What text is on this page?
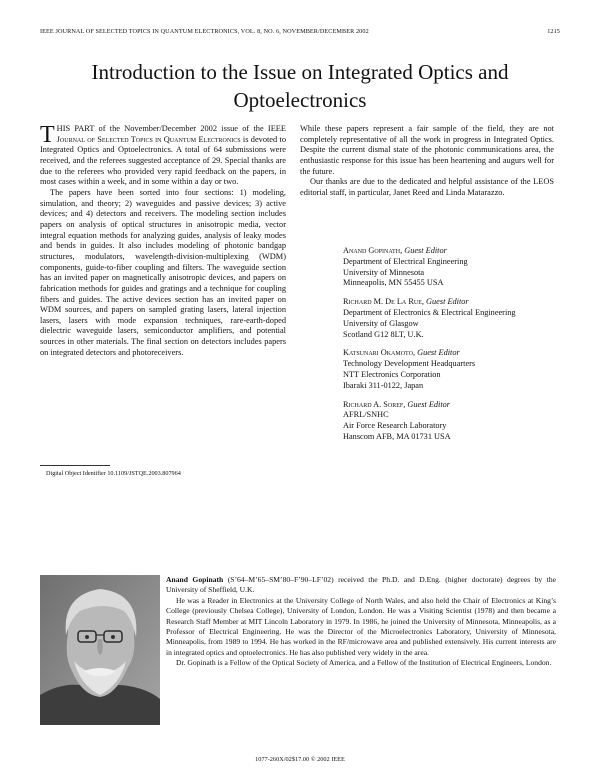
IEEE JOURNAL OF SELECTED TOPICS IN QUANTUM ELECTRONICS, VOL. 8, NO. 6, NOVEMBER/DECEMBER 2002	1215
Introduction to the Issue on Integrated Optics and
Optoelectronics

THIS PART of the November/December 2002 issue of the IEEE Journal of Selected Topics in Quantum Electronics is devoted to Integrated Optics and Optoelectronics. A total of 64 submissions were received, and the referees suggested acceptance of 29. Special thanks are due to the referees who provided very rapid feedback on the papers, in most cases within a week, and in some within a day or two.

The papers have been sorted into four sections: 1) modeling, simulation, and theory; 2) waveguides and passive devices; 3) active devices; and 4) detectors and receivers. The modeling section includes papers on analysis of optical structures in anisotropic media, vector integral equation methods for analyzing guides, analysis of leaky modes and bends in guides. It also includes modeling of photonic bandgap structures, modulators, wavelength-division-multiplexing (WDM) components, guide-to-fiber coupling and filters. The waveguide section has an invited paper on magnetically anisotropic devices, and papers on fabrication methods for guides and gratings and a technique for coupling fibers and guides. The active devices section has an invited paper on WDM sources, and papers on sampled grating lasers, lateral injection lasers, lasers with mode expansion techniques, rare-earth-doped dielectric waveguide lasers, semiconductor amplifiers, and potential sources in other materials. The final section on detectors includes papers on integrated detectors and photoreceivers.

While these papers represent a fair sample of the field, they are not completely representative of all the work in progress in Integrated Optics. Despite the current dismal state of the photonic communications area, the enthusiastic response for this issue has been heartening and augurs well for the future.

Our thanks are due to the dedicated and helpful assistance of the LEOS editorial staff, in particular, Janet Reed and Linda Matarazzo.

Anand Gopinath, Guest Editor
Department of Electrical Engineering
University of Minnesota
Minneapolis, MN 55455 USA
Richard M. De La Rue, Guest Editor
Department of Electronics & Electrical Engineering
University of Glasgow
Scotland G12 8LT, U.K.
Katsunari Okamoto, Guest Editor
Technology Development Headquarters
NTT Electronics Corporation
Ibaraki 311-0122, Japan
Richard A. Soref, Guest Editor
AFRL/SNHC
Air Force Research Laboratory
Hanscom AFB, MA 01731 USA
Digital Object Identifier 10.1109/JSTQE.2003.807964

Anand Gopinath (S’64–M’65–SM’80–F’90–LF’02) received the Ph.D. and D.Eng. (higher doctorate) degrees by the University of Sheffield, U.K.

He was a Reader in Electronics at the University College of North Wales, and also held the Chair of Electronics at King’s College (previously Chelsea College), University of London, London. He was a Visiting Scientist (1978) and then became a Research Staff Member at MIT Lincoln Laboratory in 1979. In 1986, he joined the University of Minnesota, Minneapolis, as a Professor of Electrical Engineering. He was the Director of the Microelectronics Laboratory, University of Minnesota, Minneapolis, from 1989 to 1994. He has worked in the RF/microwave area and published extensively. His current interests are in integrated optics and optoelectronics. He has also published very widely in the area.

Dr. Gopinath is a Fellow of the Optical Society of America, and a Fellow of the Institution of Electrical Engineers, London.

1077-260X/02$17.00 © 2002 IEEE
